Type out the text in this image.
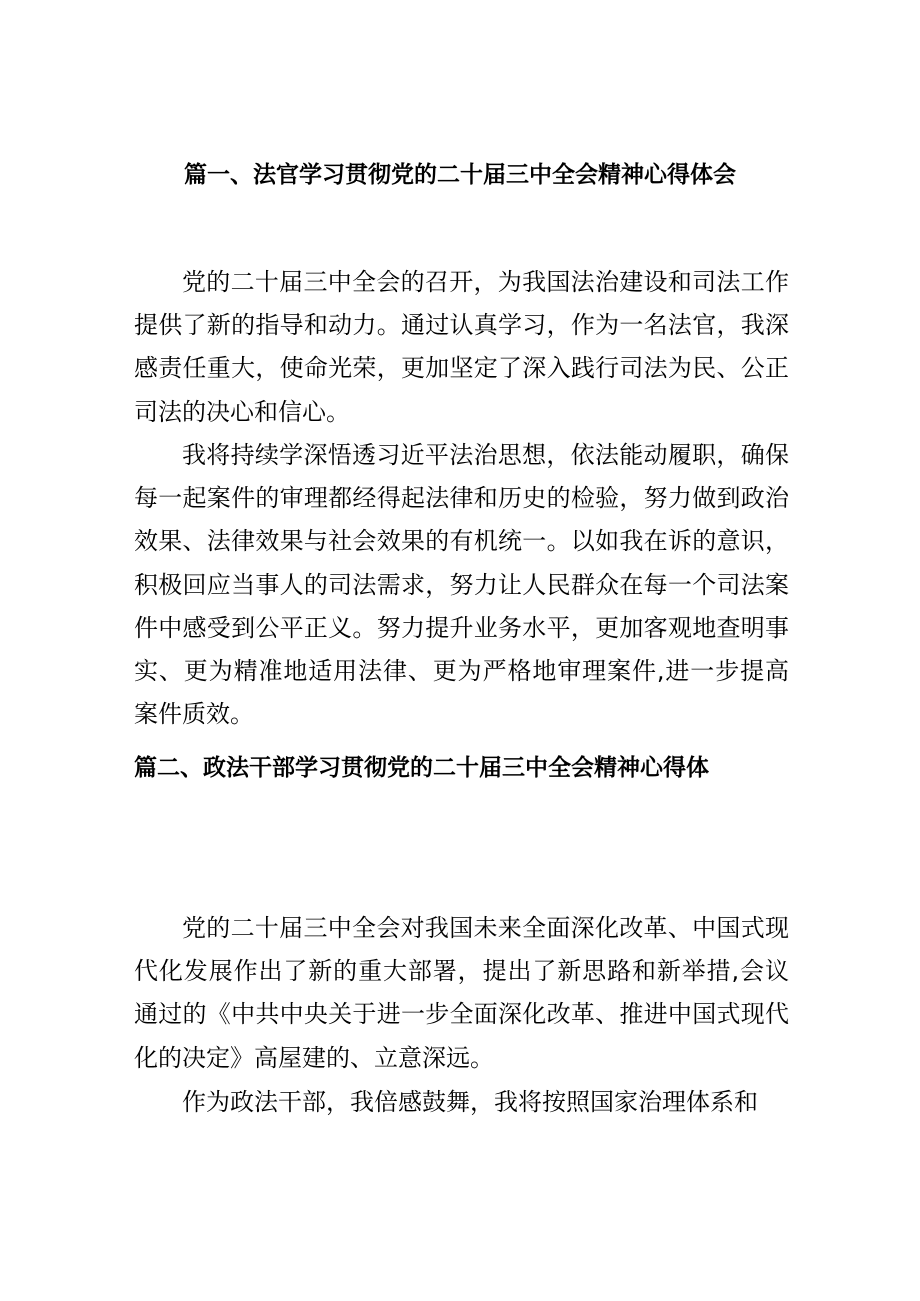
篇一、法官学习贯彻党的二十届三中全会精神心得体会

党的二十届三中全会的召开，为我国法治建设和司法工作提供了新的指导和动力。通过认真学习，作为一名法官，我深感责任重大，使命光荣，更加坚定了深入践行司法为民、公正司法的决心和信心。

我将持续学深悟透习近平法治思想，依法能动履职，确保每一起案件的审理都经得起法律和历史的检验，努力做到政治效果、法律效果与社会效果的有机统一。以如我在诉的意识，积极回应当事人的司法需求，努力让人民群众在每一个司法案件中感受到公平正义。努力提升业务水平，更加客观地查明事实、更为精准地适用法律、更为严格地审理案件,进一步提高案件质效。

篇二、政法干部学习贯彻党的二十届三中全会精神心得体

党的二十届三中全会对我国未来全面深化改革、中国式现代化发展作出了新的重大部署，提出了新思路和新举措,会议通过的《中共中央关于进一步全面深化改革、推进中国式现代化的决定》高屋建的、立意深远。

作为政法干部，我倍感鼓舞，我将按照国家治理体系和
